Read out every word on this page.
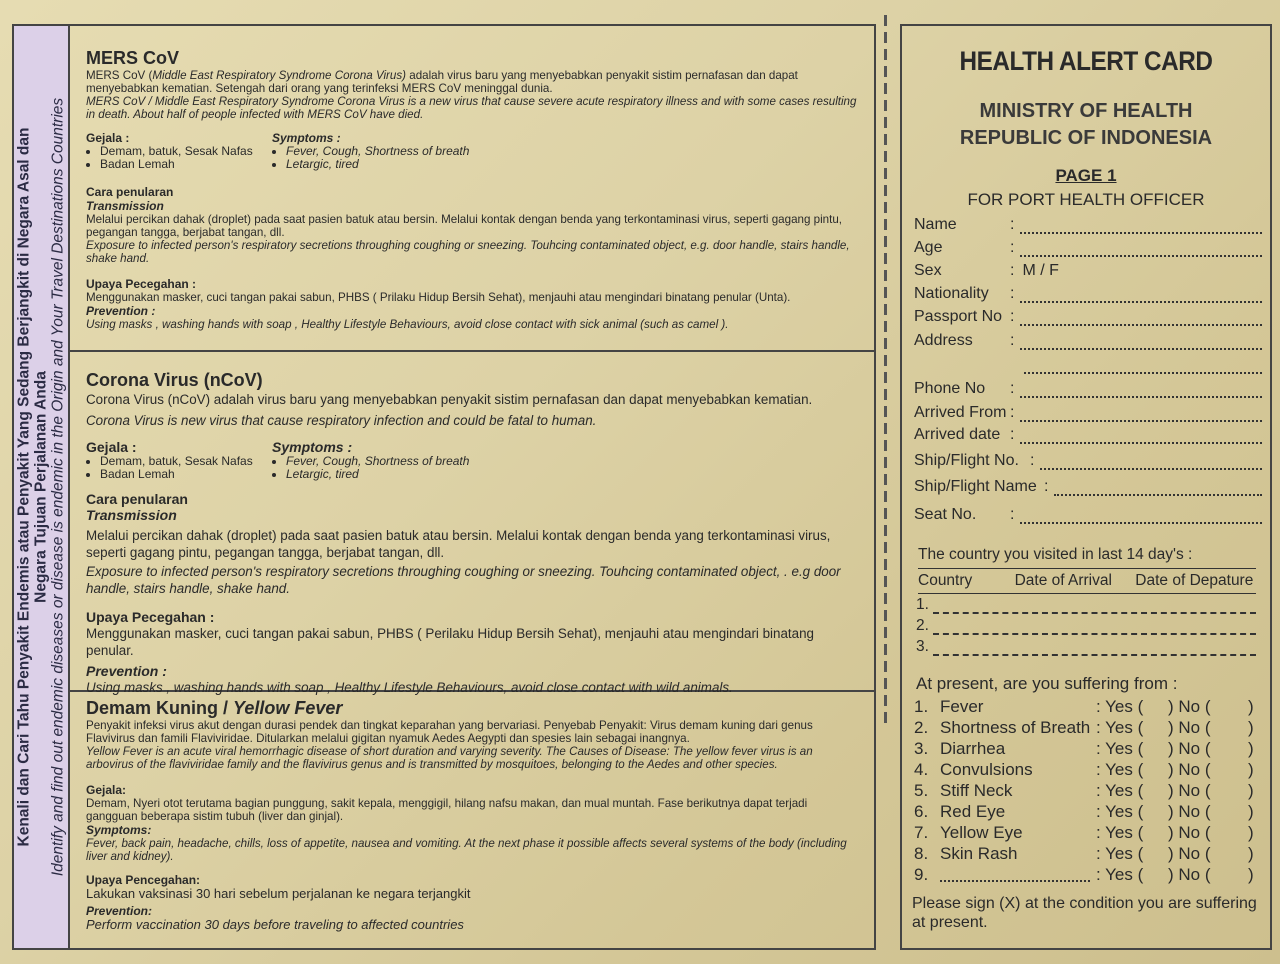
Kenali dan Cari Tahu Penyakit Endemis atau Penyakit Yang Sedang Berjangkit di Negara Asal dan Negara Tujuan Perjalanan Anda Identify and find out endemic diseases or disease is endemic in the Origin and Your Travel Destinations Countries
MERS CoV

MERS CoV (Middle East Respiratory Syndrome Corona Virus) adalah virus baru yang menyebabkan penyakit sistim pernafasan dan dapat menyebabkan kematian. Setengah dari orang yang terinfeksi MERS CoV meninggal dunia.

MERS CoV / Middle East Respiratory Syndrome Corona Virus is a new virus that cause severe acute respiratory illness and with some cases resulting in death. About half of people infected with MERS CoV have died.

Gejala :

• Demam, batuk, Sesak Nafas
• Badan Lemah

Symptoms :

• Fever, Cough, Shortness of breath
• Letargic, tired

Cara penularan

Transmission

Melalui percikan dahak (droplet) pada saat pasien batuk atau bersin. Melalui kontak dengan benda yang terkontaminasi virus, seperti gagang pintu, pegangan tangga, berjabat tangan, dll.

Exposure to infected person's respiratory secretions throughing coughing or sneezing. Touhcing contaminated object, e.g. door handle, stairs handle, shake hand.

Upaya Pecegahan :

Menggunakan masker, cuci tangan pakai sabun, PHBS ( Prilaku Hidup Bersih Sehat), menjauhi atau mengindari binatang penular (Unta).

Prevention :

Using masks , washing hands with soap , Healthy Lifestyle Behaviours, avoid close contact with sick animal (such as camel ).

Corona Virus (nCoV)

Corona Virus (nCoV) adalah virus baru yang menyebabkan penyakit sistim pernafasan dan dapat menyebabkan kematian.

Corona Virus is new virus that cause respiratory infection and could be fatal to human.

Gejala :

• Demam, batuk, Sesak Nafas
• Badan Lemah

Symptoms :

• Fever, Cough, Shortness of breath
• Letargic, tired

Cara penularan

Transmission

Melalui percikan dahak (droplet) pada saat pasien batuk atau bersin. Melalui kontak dengan benda yang terkontaminasi virus, seperti gagang pintu, pegangan tangga, berjabat tangan, dll.

Exposure to infected person's respiratory secretions throughing coughing or sneezing. Touhcing contaminated object, . e.g door handle, stairs handle, shake hand.

Upaya Pecegahan :

Menggunakan masker, cuci tangan pakai sabun, PHBS ( Perilaku Hidup Bersih Sehat), menjauhi atau mengindari binatang penular.

Prevention :

Using masks , washing hands with soap , Healthy Lifestyle Behaviours, avoid close contact with wild animals.

Demam Kuning / Yellow Fever

Penyakit infeksi virus akut dengan durasi pendek dan tingkat keparahan yang bervariasi. Penyebab Penyakit: Virus demam kuning dari genus Flavivirus dan famili Flaviviridae. Ditularkan melalui gigitan nyamuk Aedes Aegypti dan spesies lain sebagai inangnya.

Yellow Fever is an acute viral hemorrhagic disease of short duration and varying severity. The Causes of Disease: The yellow fever virus is an arbovirus of the flaviviridae family and the flavivirus genus and is transmitted by mosquitoes, belonging to the Aedes and other species.

Gejala:

Demam, Nyeri otot terutama bagian punggung, sakit kepala, menggigil, hilang nafsu makan, dan mual muntah. Fase berikutnya dapat terjadi gangguan beberapa sistim tubuh (liver dan ginjal).

Symptoms:

Fever, back pain, headache, chills, loss of appetite, nausea and vomiting. At the next phase it possible affects several systems of the body (including liver and kidney).

Upaya Pencegahan:

Lakukan vaksinasi 30 hari sebelum perjalanan ke negara terjangkit

Prevention:

Perform vaccination 30 days before traveling to affected countries

HEALTH ALERT CARD
MINISTRY OF HEALTH
REPUBLIC OF INDONESIA
PAGE 1
FOR PORT HEALTH OFFICER
Name	:
Age	:
Sex	: M / F
Nationality	:
Passport No :
Address	:
Phone No	:
Arrived From :
Arrived date :
Ship/Flight No. :
Ship/Flight Name :
Seat No.	:
The country you visited in last 14 day's :
Country	Date of Arrival	Date of Depature
1.
2.
3.
At present, are you suffering from :
1. Fever	: Yes (	) No (	)
2. Shortness of Breath : Yes (	) No (	)
3. Diarrhea	: Yes (	) No (	)
4. Convulsions	: Yes (	) No (	)
5. Stiff Neck	: Yes (	) No (	)
6. Red Eye	: Yes (	) No (	)
7. Yellow Eye	: Yes (	) No (	)
8. Skin Rash	: Yes (	) No (	)
9.	: Yes (	) No (	)
Please sign (X) at the condition you are suffering at present.
